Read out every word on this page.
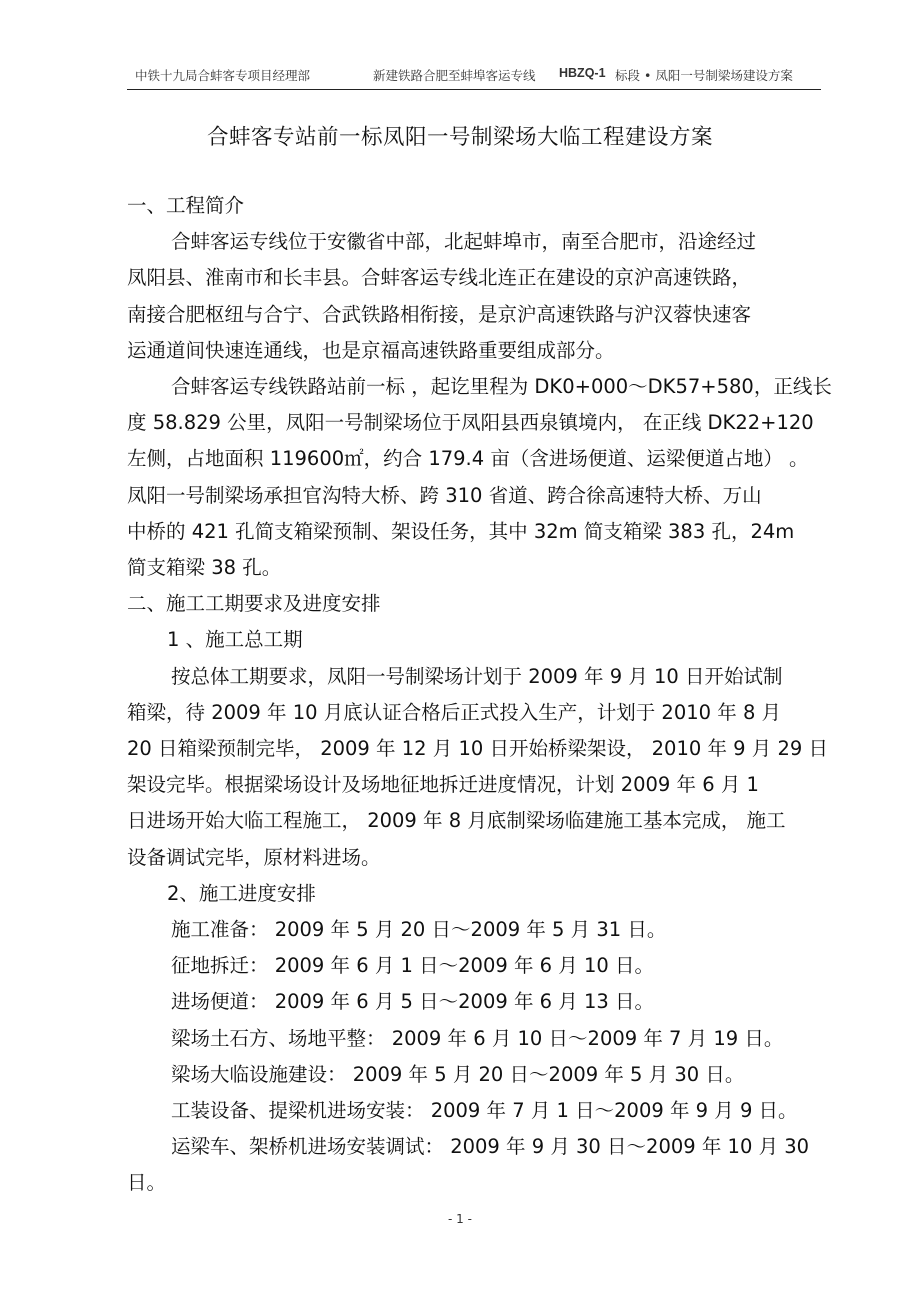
中铁十九局合蚌客专项目经理部	新建铁路合肥至蚌埠客运专线 HBZQ-1 标段 • 凤阳一号制梁场建设方案
合蚌客专站前一标凤阳一号制梁场大临工程建设方案

一、工程简介

合蚌客运专线位于安徽省中部，北起蚌埠市，南至合肥市，沿途经过

凤阳县、淮南市和长丰县。合蚌客运专线北连正在建设的京沪高速铁路，

南接合肥枢纽与合宁、合武铁路相衔接，是京沪高速铁路与沪汉蓉快速客

运通道间快速连通线，也是京福高速铁路重要组成部分。

合蚌客运专线铁路站前一标 ，起讫里程为 DK0+000～DK57+580，正线长

度 58.829 公里，凤阳一号制梁场位于凤阳县西泉镇境内， 在正线 DK22+120

左侧，占地面积 119600㎡，约合 179.4 亩（含进场便道、运梁便道占地） 。

凤阳一号制梁场承担官沟特大桥、跨 310 省道、跨合徐高速特大桥、万山

中桥的 421 孔简支箱梁预制、架设任务，其中 32m 简支箱梁 383 孔，24m

简支箱梁 38 孔。

二、施工工期要求及进度安排

1 、施工总工期

按总体工期要求，凤阳一号制梁场计划于 2009 年 9 月 10 日开始试制

箱梁，待 2009 年 10 月底认证合格后正式投入生产，计划于 2010 年 8 月

20 日箱梁预制完毕， 2009 年 12 月 10 日开始桥梁架设， 2010 年 9 月 29 日

架设完毕。根据梁场设计及场地征地拆迁进度情况，计划 2009 年 6 月 1

日进场开始大临工程施工， 2009 年 8 月底制梁场临建施工基本完成， 施工

设备调试完毕，原材料进场。

2、施工进度安排

施工准备： 2009 年 5 月 20 日～2009 年 5 月 31 日。

征地拆迁： 2009 年 6 月 1 日～2009 年 6 月 10 日。

进场便道： 2009 年 6 月 5 日～2009 年 6 月 13 日。

梁场土石方、场地平整： 2009 年 6 月 10 日～2009 年 7 月 19 日。

梁场大临设施建设： 2009 年 5 月 20 日～2009 年 5 月 30 日。

工装设备、提梁机进场安装： 2009 年 7 月 1 日～2009 年 9 月 9 日。

运梁车、架桥机进场安装调试： 2009 年 9 月 30 日～2009 年 10 月 30

日。

- 1 -
